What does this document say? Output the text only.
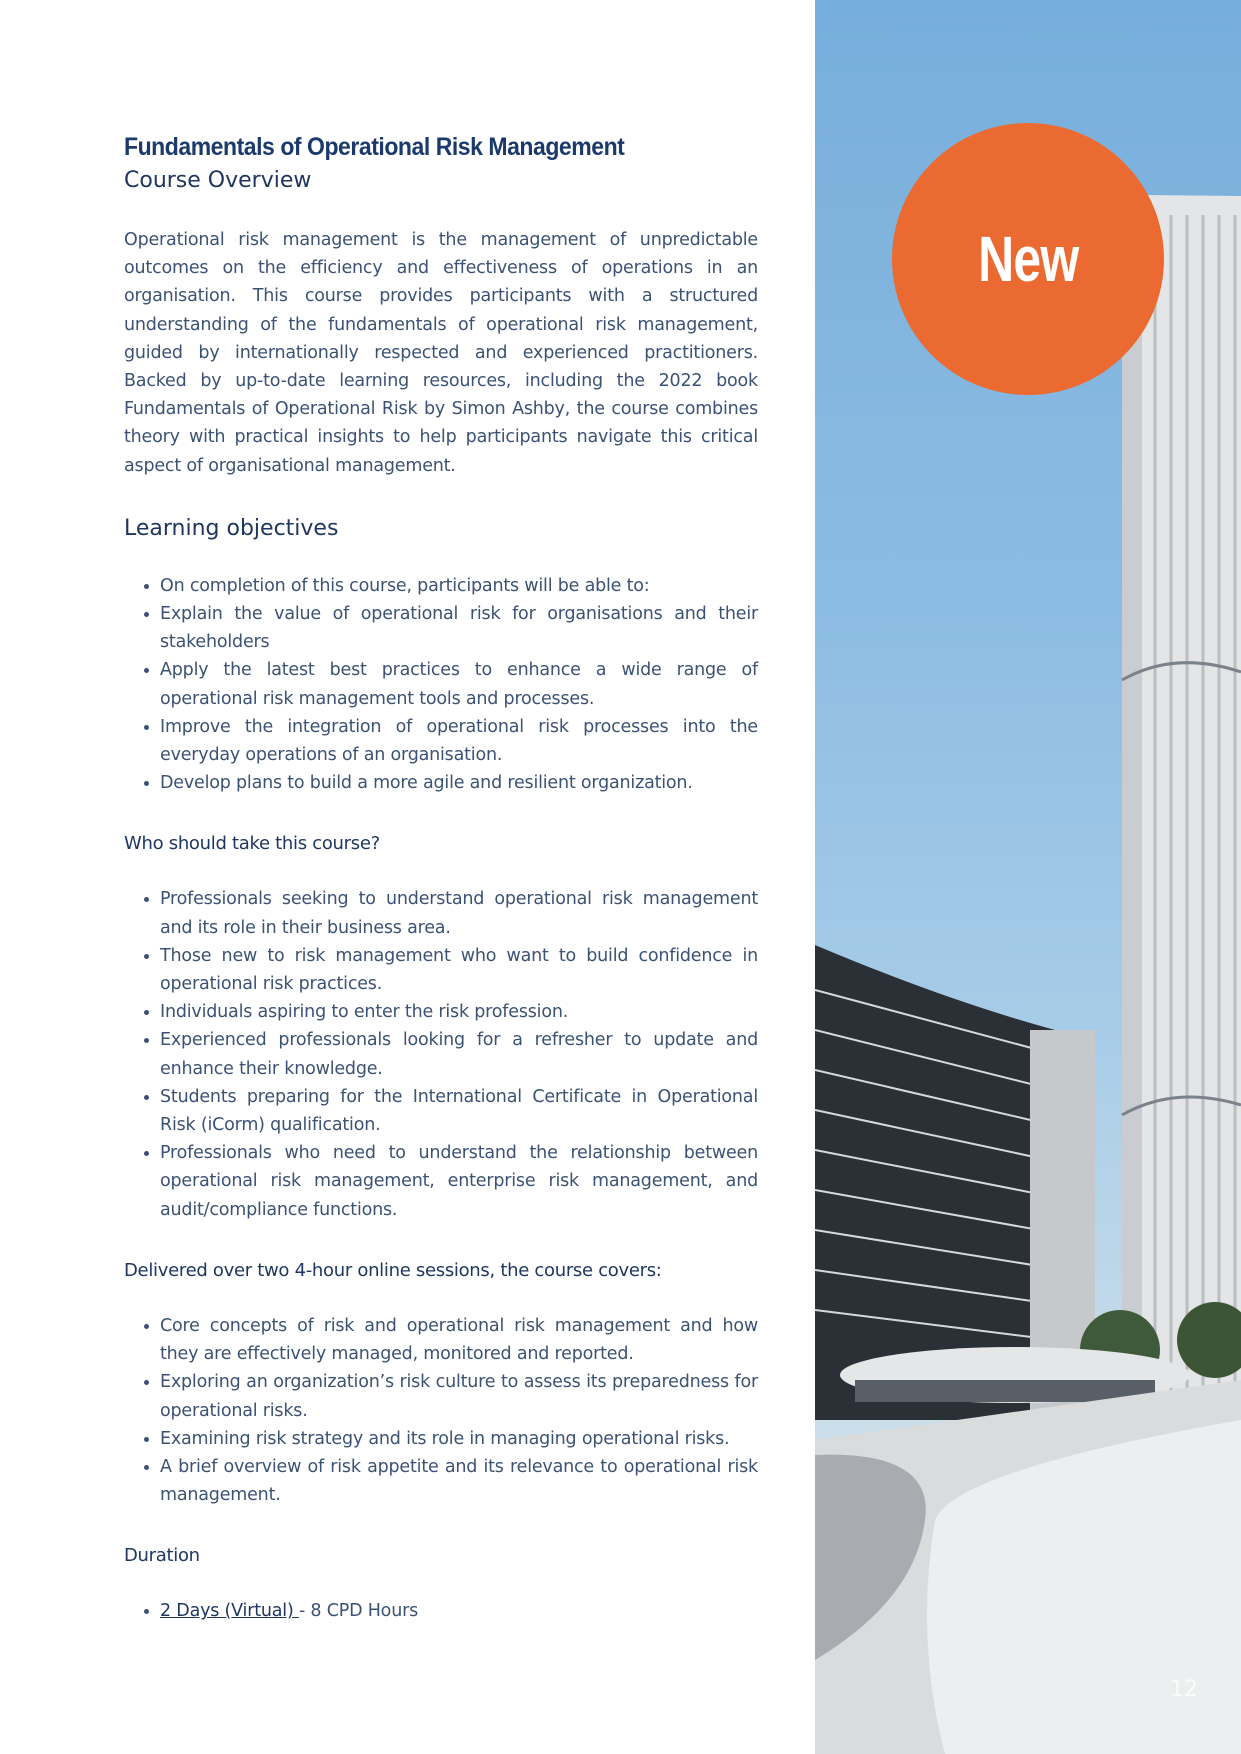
Fundamentals of Operational Risk Management
Course Overview

Operational risk management is the management of unpredictable outcomes on the efficiency and effectiveness of operations in an organisation. This course provides participants with a structured understanding of the fundamentals of operational risk management, guided by internationally respected and experienced practitioners. Backed by up-to-date learning resources, including the 2022 book Fundamentals of Operational Risk by Simon Ashby, the course combines theory with practical insights to help participants navigate this critical aspect of organisational management.

Learning objectives
• On completion of this course, participants will be able to:
• Explain the value of operational risk for organisations and their stakeholders
• Apply the latest best practices to enhance a wide range of operational risk management tools and processes.
• Improve the integration of operational risk processes into the everyday operations of an organisation.
• Develop plans to build a more agile and resilient organization.
Who should take this course?
• Professionals seeking to understand operational risk management and its role in their business area.
• Those new to risk management who want to build confidence in operational risk practices.
• Individuals aspiring to enter the risk profession.
• Experienced professionals looking for a refresher to update and enhance their knowledge.
• Students preparing for the International Certificate in Operational Risk (iCorm) qualification.
• Professionals who need to understand the relationship between operational risk management, enterprise risk management, and audit/compliance functions.
Delivered over two 4-hour online sessions, the course covers:
• Core concepts of risk and operational risk management and how they are effectively managed, monitored and reported.
• Exploring an organization’s risk culture to assess its preparedness for operational risks.
• Examining risk strategy and its role in managing operational risks.
• A brief overview of risk appetite and its relevance to operational risk management.
Duration
• 2 Days (Virtual) - 8 CPD Hours
New
12
